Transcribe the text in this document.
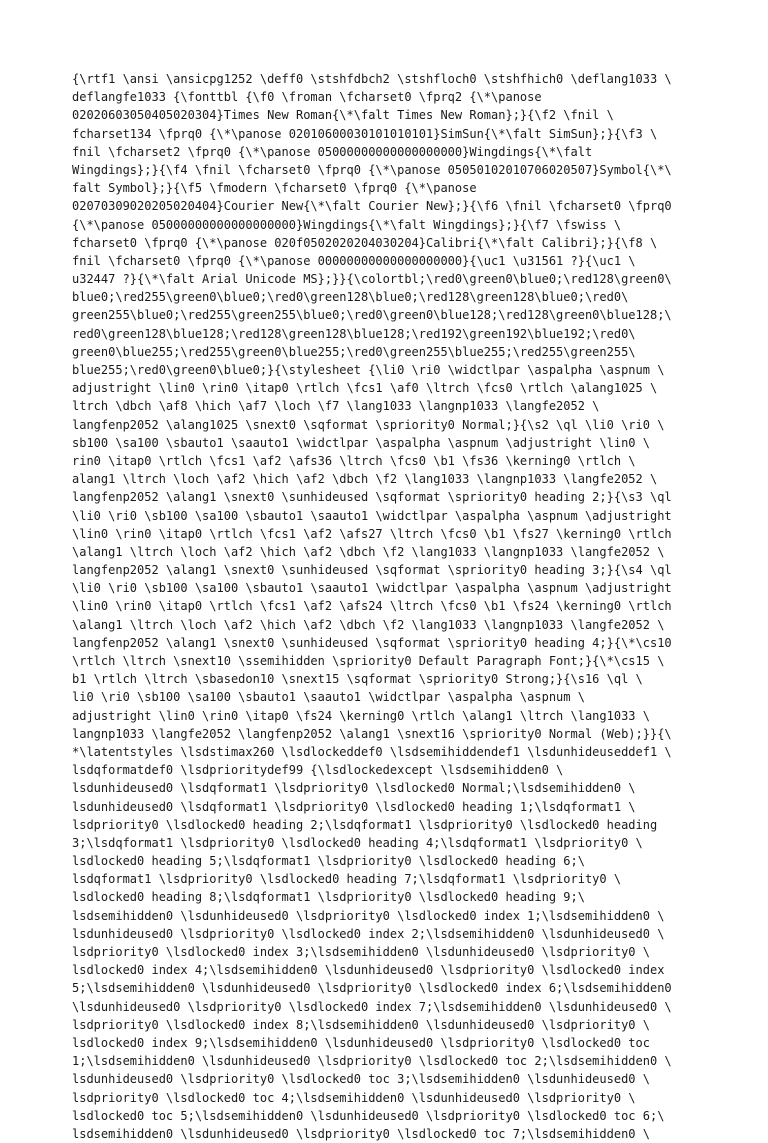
{\rtf1 \ansi \ansicpg1252 \deff0 \stshfdbch2 \stshfloch0 \stshfhich0 \deflang1033 \
deflangfe1033 {\fonttbl {\f0 \froman \fcharset0 \fprq2 {\*\panose
02020603050405020304}Times New Roman{\*\falt Times New Roman};}{\f2 \fnil \
fcharset134 \fprq0 {\*\panose 02010600030101010101}SimSun{\*\falt SimSun};}{\f3 \
fnil \fcharset2 \fprq0 {\*\panose 05000000000000000000}Wingdings{\*\falt
Wingdings};}{\f4 \fnil \fcharset0 \fprq0 {\*\panose 05050102010706020507}Symbol{\*\
falt Symbol};}{\f5 \fmodern \fcharset0 \fprq0 {\*\panose
02070309020205020404}Courier New{\*\falt Courier New};}{\f6 \fnil \fcharset0 \fprq0
{\*\panose 05000000000000000000}Wingdings{\*\falt Wingdings};}{\f7 \fswiss \
fcharset0 \fprq0 {\*\panose 020f0502020204030204}Calibri{\*\falt Calibri};}{\f8 \
fnil \fcharset0 \fprq0 {\*\panose 00000000000000000000}{\uc1 \u31561 ?}{\uc1 \
u32447 ?}{\*\falt Arial Unicode MS};}}{\colortbl;\red0\green0\blue0;\red128\green0\
blue0;\red255\green0\blue0;\red0\green128\blue0;\red128\green128\blue0;\red0\
green255\blue0;\red255\green255\blue0;\red0\green0\blue128;\red128\green0\blue128;\
red0\green128\blue128;\red128\green128\blue128;\red192\green192\blue192;\red0\
green0\blue255;\red255\green0\blue255;\red0\green255\blue255;\red255\green255\
blue255;\red0\green0\blue0;}{\stylesheet {\li0 \ri0 \widctlpar \aspalpha \aspnum \
adjustright \lin0 \rin0 \itap0 \rtlch \fcs1 \af0 \ltrch \fcs0 \rtlch \alang1025 \
ltrch \dbch \af8 \hich \af7 \loch \f7 \lang1033 \langnp1033 \langfe2052 \
langfenp2052 \alang1025 \snext0 \sqformat \spriority0 Normal;}{\s2 \ql \li0 \ri0 \
sb100 \sa100 \sbauto1 \saauto1 \widctlpar \aspalpha \aspnum \adjustright \lin0 \
rin0 \itap0 \rtlch \fcs1 \af2 \afs36 \ltrch \fcs0 \b1 \fs36 \kerning0 \rtlch \
alang1 \ltrch \loch \af2 \hich \af2 \dbch \f2 \lang1033 \langnp1033 \langfe2052 \
langfenp2052 \alang1 \snext0 \sunhideused \sqformat \spriority0 heading 2;}{\s3 \ql
\li0 \ri0 \sb100 \sa100 \sbauto1 \saauto1 \widctlpar \aspalpha \aspnum \adjustright
\lin0 \rin0 \itap0 \rtlch \fcs1 \af2 \afs27 \ltrch \fcs0 \b1 \fs27 \kerning0 \rtlch
\alang1 \ltrch \loch \af2 \hich \af2 \dbch \f2 \lang1033 \langnp1033 \langfe2052 \
langfenp2052 \alang1 \snext0 \sunhideused \sqformat \spriority0 heading 3;}{\s4 \ql
\li0 \ri0 \sb100 \sa100 \sbauto1 \saauto1 \widctlpar \aspalpha \aspnum \adjustright
\lin0 \rin0 \itap0 \rtlch \fcs1 \af2 \afs24 \ltrch \fcs0 \b1 \fs24 \kerning0 \rtlch
\alang1 \ltrch \loch \af2 \hich \af2 \dbch \f2 \lang1033 \langnp1033 \langfe2052 \
langfenp2052 \alang1 \snext0 \sunhideused \sqformat \spriority0 heading 4;}{\*\cs10
\rtlch \ltrch \snext10 \ssemihidden \spriority0 Default Paragraph Font;}{\*\cs15 \
b1 \rtlch \ltrch \sbasedon10 \snext15 \sqformat \spriority0 Strong;}{\s16 \ql \
li0 \ri0 \sb100 \sa100 \sbauto1 \saauto1 \widctlpar \aspalpha \aspnum \
adjustright \lin0 \rin0 \itap0 \fs24 \kerning0 \rtlch \alang1 \ltrch \lang1033 \
langnp1033 \langfe2052 \langfenp2052 \alang1 \snext16 \spriority0 Normal (Web);}}{\
*\latentstyles \lsdstimax260 \lsdlockeddef0 \lsdsemihiddendef1 \lsdunhideuseddef1 \
lsdqformatdef0 \lsdprioritydef99 {\lsdlockedexcept \lsdsemihidden0 \
lsdunhideused0 \lsdqformat1 \lsdpriority0 \lsdlocked0 Normal;\lsdsemihidden0 \
lsdunhideused0 \lsdqformat1 \lsdpriority0 \lsdlocked0 heading 1;\lsdqformat1 \
lsdpriority0 \lsdlocked0 heading 2;\lsdqformat1 \lsdpriority0 \lsdlocked0 heading
3;\lsdqformat1 \lsdpriority0 \lsdlocked0 heading 4;\lsdqformat1 \lsdpriority0 \
lsdlocked0 heading 5;\lsdqformat1 \lsdpriority0 \lsdlocked0 heading 6;\
lsdqformat1 \lsdpriority0 \lsdlocked0 heading 7;\lsdqformat1 \lsdpriority0 \
lsdlocked0 heading 8;\lsdqformat1 \lsdpriority0 \lsdlocked0 heading 9;\
lsdsemihidden0 \lsdunhideused0 \lsdpriority0 \lsdlocked0 index 1;\lsdsemihidden0 \
lsdunhideused0 \lsdpriority0 \lsdlocked0 index 2;\lsdsemihidden0 \lsdunhideused0 \
lsdpriority0 \lsdlocked0 index 3;\lsdsemihidden0 \lsdunhideused0 \lsdpriority0 \
lsdlocked0 index 4;\lsdsemihidden0 \lsdunhideused0 \lsdpriority0 \lsdlocked0 index
5;\lsdsemihidden0 \lsdunhideused0 \lsdpriority0 \lsdlocked0 index 6;\lsdsemihidden0
\lsdunhideused0 \lsdpriority0 \lsdlocked0 index 7;\lsdsemihidden0 \lsdunhideused0 \
lsdpriority0 \lsdlocked0 index 8;\lsdsemihidden0 \lsdunhideused0 \lsdpriority0 \
lsdlocked0 index 9;\lsdsemihidden0 \lsdunhideused0 \lsdpriority0 \lsdlocked0 toc
1;\lsdsemihidden0 \lsdunhideused0 \lsdpriority0 \lsdlocked0 toc 2;\lsdsemihidden0 \
lsdunhideused0 \lsdpriority0 \lsdlocked0 toc 3;\lsdsemihidden0 \lsdunhideused0 \
lsdpriority0 \lsdlocked0 toc 4;\lsdsemihidden0 \lsdunhideused0 \lsdpriority0 \
lsdlocked0 toc 5;\lsdsemihidden0 \lsdunhideused0 \lsdpriority0 \lsdlocked0 toc 6;\
lsdsemihidden0 \lsdunhideused0 \lsdpriority0 \lsdlocked0 toc 7;\lsdsemihidden0 \
